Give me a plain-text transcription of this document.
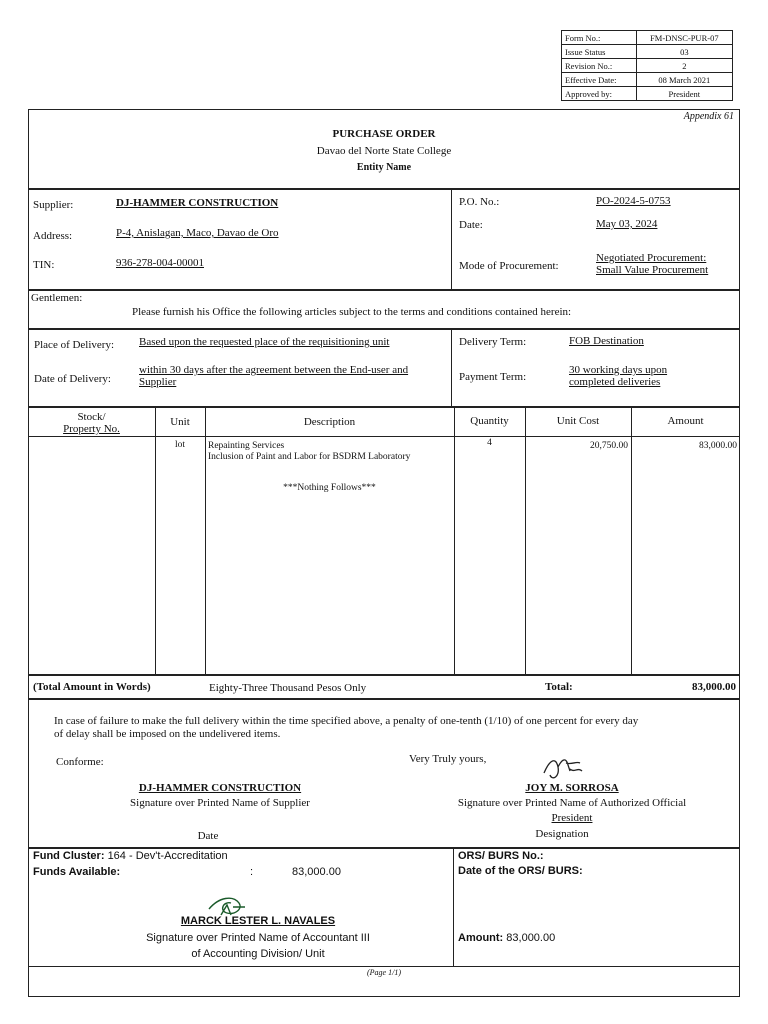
Form No.:	FM-DNSC-PUR-07
Issue Status	03
Revision No.:	2
Effective Date:	08 March 2021
Approved by:	President
Appendix 61
PURCHASE ORDER
Davao del Norte State College
Entity Name
Supplier:	DJ-HAMMER CONSTRUCTION
Address:	P-4, Anislagan, Maco, Davao de Oro
TIN:	936-278-004-00001
P.O. No.:	PO-2024-5-0753
Date:	May 03, 2024
Mode of Procurement:
Negotiated Procurement:
Small Value Procurement
Gentlemen:
Please furnish his Office the following articles subject to the terms and conditions contained herein:
Place of Delivery: Based upon the requested place of the requisitioning unit
Date of Delivery:
within 30 days after the agreement between the End-user and
Supplier
Delivery Term:	FOB Destination
Payment Term:
30 working days upon
completed deliveries
Stock/
Property No.
Unit	Description	Quantity	Unit Cost	Amount
lot	Repainting Services
Inclusion of Paint and Labor for BSDRM Laboratory
4	20,750.00	83,000.00
***Nothing Follows***
(Total Amount in Words)	Eighty-Three Thousand Pesos Only	Total:	83,000.00
In case of failure to make the full delivery within the time specified above, a penalty of one-tenth (1/10) of one percent for every day
of delay shall be imposed on the undelivered items.
Conforme:	Very Truly yours,
DJ-HAMMER CONSTRUCTION
Signature over Printed Name of Supplier
JOY M. SORROSA
Signature over Printed Name of Authorized Official
President
Date	Designation
Fund Cluster: 164 - Dev't-Accreditation
Funds Available:	:	83,000.00
ORS/ BURS No.:
Date of the ORS/ BURS:
MARCK LESTER L. NAVALES
Signature over Printed Name of Accountant III
of Accounting Division/ Unit
Amount: 83,000.00
(Page 1/1)
